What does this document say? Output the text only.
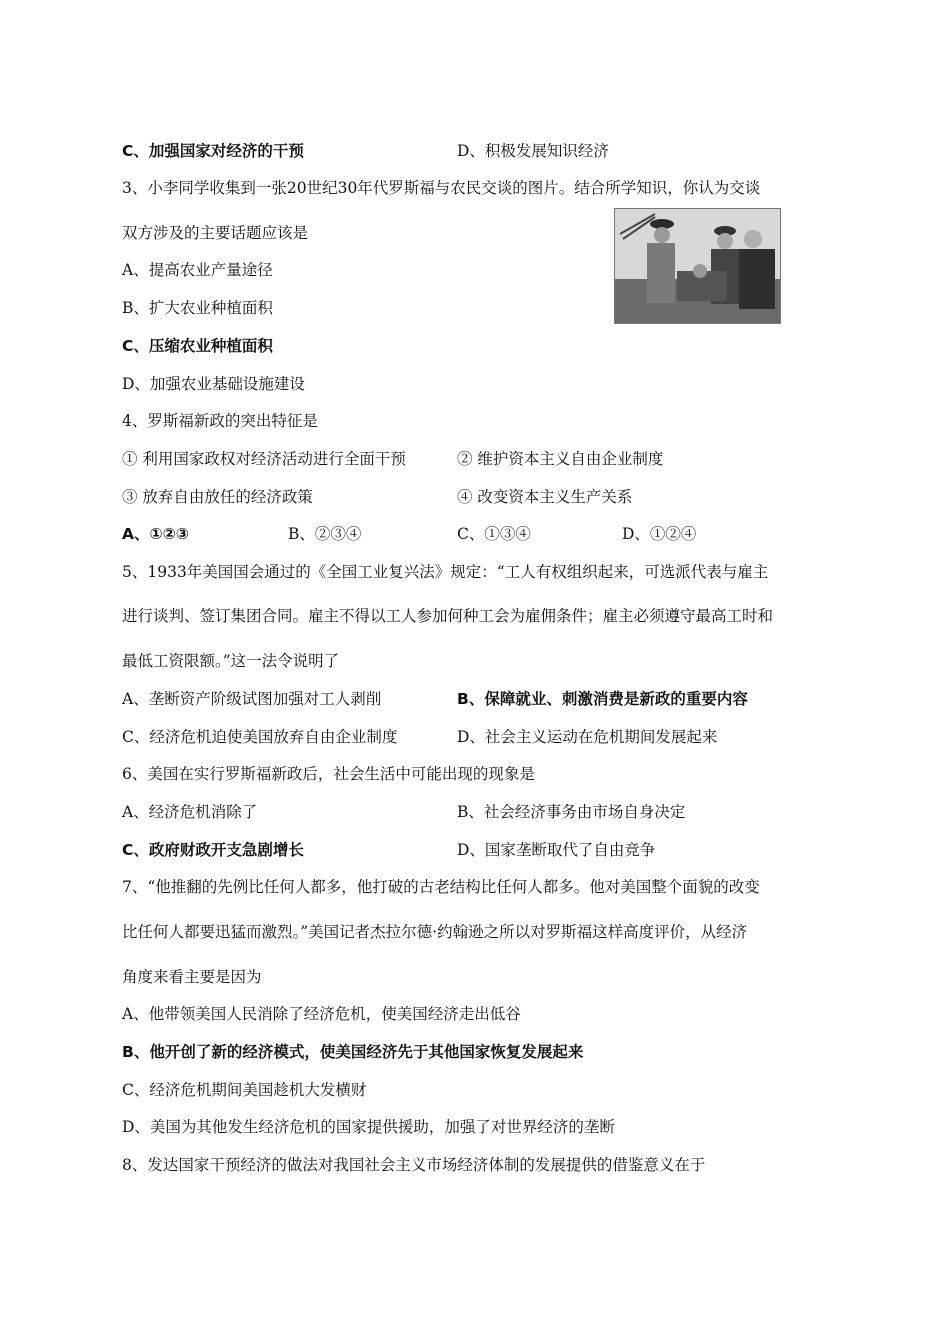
C、加强国家对经济的干预	D、积极发展知识经济
3、小李同学收集到一张20世纪30年代罗斯福与农民交谈的图片。结合所学知识，你认为交谈
双方涉及的主要话题应该是
A、提高农业产量途径
B、扩大农业种植面积
C、压缩农业种植面积
D、加强农业基础设施建设
4、罗斯福新政的突出特征是
① 利用国家政权对经济活动进行全面干预	② 维护资本主义自由企业制度
③ 放弃自由放任的经济政策	④ 改变资本主义生产关系
A、①②③	B、②③④	C、①③④	D、①②④
5、1933年美国国会通过的《全国工业复兴法》规定：“工人有权组织起来，可选派代表与雇主
进行谈判、签订集团合同。雇主不得以工人参加何种工会为雇佣条件；雇主必须遵守最高工时和
最低工资限额。”这一法令说明了
A、垄断资产阶级试图加强对工人剥削	B、保障就业、刺激消费是新政的重要内容
C、经济危机迫使美国放弃自由企业制度	D、社会主义运动在危机期间发展起来
6、美国在实行罗斯福新政后，社会生活中可能出现的现象是
A、经济危机消除了	B、社会经济事务由市场自身决定
C、政府财政开支急剧增长	D、国家垄断取代了自由竞争
7、“他推翻的先例比任何人都多，他打破的古老结构比任何人都多。他对美国整个面貌的改变
比任何人都要迅猛而激烈。”美国记者杰拉尔德·约翰逊之所以对罗斯福这样高度评价，从经济
角度来看主要是因为
A、他带领美国人民消除了经济危机，使美国经济走出低谷
B、他开创了新的经济模式，使美国经济先于其他国家恢复发展起来
C、经济危机期间美国趁机大发横财
D、美国为其他发生经济危机的国家提供援助，加强了对世界经济的垄断
8、发达国家干预经济的做法对我国社会主义市场经济体制的发展提供的借鉴意义在于
